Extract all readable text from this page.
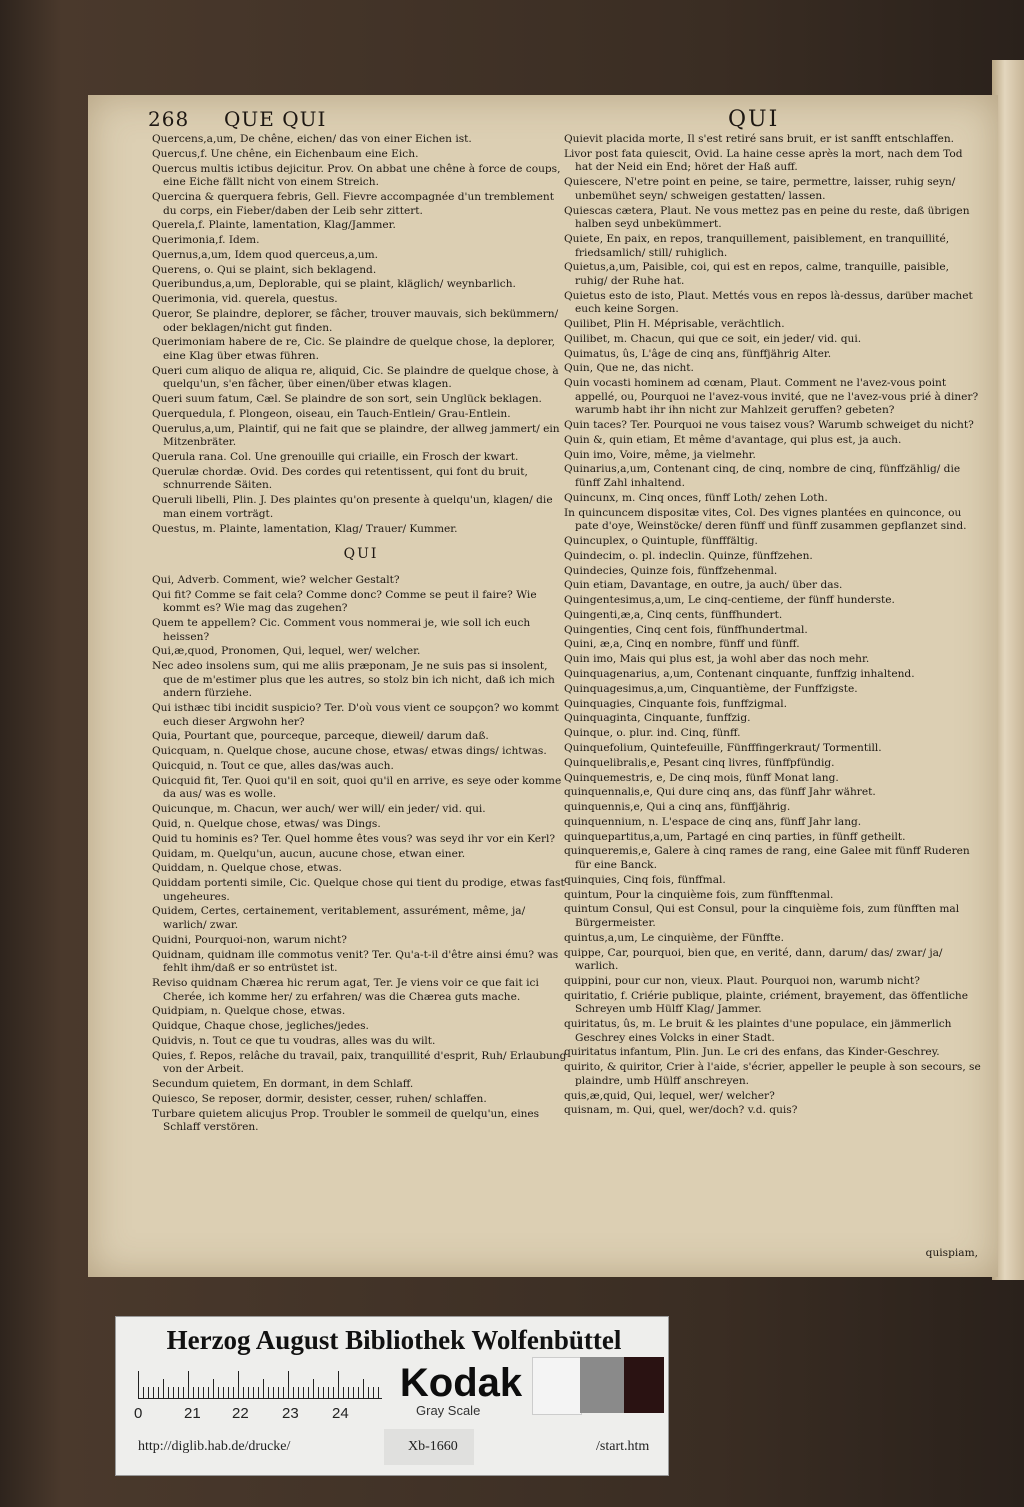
268 QUE QUI	QUI
Quercens,a,um, De chêne, eichen/ das von einer Eichen ist.
Quercus,f. Une chêne, ein Eichenbaum eine Eich.
Quercus multis ictibus dejicitur. Prov. On abbat une chêne à force de coups, eine Eiche fällt nicht von einem Streich.
Quercina & querquera febris, Gell. Fievre accompagnée d'un tremblement du corps, ein Fieber/daben der Leib sehr zittert.
Querela,f. Plainte, lamentation, Klag/Jammer.
Querimonia,f. Idem.
Quernus,a,um, Idem quod querceus,a,um.
Querens, o. Qui se plaint, sich beklagend.
Queribundus,a,um, Deplorable, qui se plaint, kläglich/ weynbarlich.
Querimonia, vid. querela, questus.
Queror, Se plaindre, deplorer, se fâcher, trouver mauvais, sich bekümmern/ oder beklagen/nicht gut finden.
Querimoniam habere de re, Cic. Se plaindre de quelque chose, la deplorer, eine Klag über etwas führen.
Queri cum aliquo de aliqua re, aliquid, Cic. Se plaindre de quelque chose, à quelqu'un, s'en fâcher, über einen/über etwas klagen.
Queri suum fatum, Cæl. Se plaindre de son sort, sein Unglück beklagen.
Querquedula, f. Plongeon, oiseau, ein Tauch-Entlein/ Grau-Entlein.
Querulus,a,um, Plaintif, qui ne fait que se plaindre, der allweg jammert/ ein Mitzenbräter.
Querula rana. Col. Une grenouille qui criaille, ein Frosch der kwart.
Querulæ chordæ. Ovid. Des cordes qui retentissent, qui font du bruit, schnurrende Säiten.
Queruli libelli, Plin. J. Des plaintes qu'on presente à quelqu'un, klagen/ die man einem vorträgt.
Questus, m. Plainte, lamentation, Klag/ Trauer/ Kummer.
QUI
Qui, Adverb. Comment, wie? welcher Gestalt?
Qui fit? Comme se fait cela? Comme donc? Comme se peut il faire? Wie kommt es? Wie mag das zugehen?
Quem te appellem? Cic. Comment vous nommerai je, wie soll ich euch heissen?
Qui,æ,quod, Pronomen, Qui, lequel, wer/ welcher.
Nec adeo insolens sum, qui me aliis præponam, Je ne suis pas si insolent, que de m'estimer plus que les autres, so stolz bin ich nicht, daß ich mich andern fürziehe.
Qui isthæc tibi incidit suspicio? Ter. D'où vous vient ce soupçon? wo kommt euch dieser Argwohn her?
Quia, Pourtant que, pourceque, parceque, dieweil/ darum daß.
Quicquam, n. Quelque chose, aucune chose, etwas/ etwas dings/ ichtwas.
Quicquid, n. Tout ce que, alles das/was auch.
Quicquid fit, Ter. Quoi qu'il en soit, quoi qu'il en arrive, es seye oder komme da aus/ was es wolle.
Quicunque, m. Chacun, wer auch/ wer will/ ein jeder/ vid. qui.
Quid, n. Quelque chose, etwas/ was Dings.
Quid tu hominis es? Ter. Quel homme êtes vous? was seyd ihr vor ein Kerl?
Quidam, m. Quelqu'un, aucun, aucune chose, etwan einer.
Quiddam, n. Quelque chose, etwas.
Quiddam portenti simile, Cic. Quelque chose qui tient du prodige, etwas fast ungeheures.
Quidem, Certes, certainement, veritablement, assurément, même, ja/ warlich/ zwar.
Quidni, Pourquoi-non, warum nicht?
Quidnam, quidnam ille commotus venit? Ter. Qu'a-t-il d'être ainsi ému? was fehlt ihm/daß er so entrüstet ist.
Reviso quidnam Chærea hic rerum agat, Ter. Je viens voir ce que fait ici Cherée, ich komme her/ zu erfahren/ was die Chærea guts mache.
Quidpiam, n. Quelque chose, etwas.
Quidque, Chaque chose, jegliches/jedes.
Quidvis, n. Tout ce que tu voudras, alles was du wilt.
Quies, f. Repos, relâche du travail, paix, tranquillité d'esprit, Ruh/ Erlaubung von der Arbeit.
Secundum quietem, En dormant, in dem Schlaff.
Quiesco, Se reposer, dormir, desister, cesser, ruhen/ schlaffen.
Turbare quietem alicujus Prop. Troubler le sommeil de quelqu'un, eines Schlaff verstören.
Quievit placida morte, Il s'est retiré sans bruit, er ist sanfft entschlaffen.
Livor post fata quiescit, Ovid. La haine cesse après la mort, nach dem Tod hat der Neid ein End; höret der Haß auff.
Quiescere, N'etre point en peine, se taire, permettre, laisser, ruhig seyn/ unbemühet seyn/ schweigen gestatten/ lassen.
Quiescas cætera, Plaut. Ne vous mettez pas en peine du reste, daß übrigen halben seyd unbekümmert.
Quiete, En paix, en repos, tranquillement, paisiblement, en tranquillité, friedsamlich/ still/ ruhiglich.
Quietus,a,um, Paisible, coi, qui est en repos, calme, tranquille, paisible, ruhig/ der Ruhe hat.
Quietus esto de isto, Plaut. Mettés vous en repos là-dessus, darüber machet euch keine Sorgen.
Quilibet, Plin H. Méprisable, verächtlich.
Quilibet, m. Chacun, qui que ce soit, ein jeder/ vid. qui.
Quimatus, ûs, L'âge de cinq ans, fünffjährig Alter.
Quin, Que ne, das nicht.
Quin vocasti hominem ad cœnam, Plaut. Comment ne l'avez-vous point appellé, ou, Pourquoi ne l'avez-vous invité, que ne l'avez-vous prié à diner? warumb habt ihr ihn nicht zur Mahlzeit geruffen? gebeten?
Quin taces? Ter. Pourquoi ne vous taisez vous? Warumb schweiget du nicht?
Quin &, quin etiam, Et même d'avantage, qui plus est, ja auch.
Quin imo, Voire, même, ja vielmehr.
Quinarius,a,um, Contenant cinq, de cinq, nombre de cinq, fünffzählig/ die fünff Zahl inhaltend.
Quincunx, m. Cinq onces, fünff Loth/ zehen Loth.
In quincuncem dispositæ vites, Col. Des vignes plantées en quinconce, ou pate d'oye, Weinstöcke/ deren fünff und fünff zusammen gepflanzet sind.
Quincuplex, o Quintuple, fünfffältig.
Quindecim, o. pl. indeclin. Quinze, fünffzehen.
Quindecies, Quinze fois, fünffzehenmal.
Quin etiam, Davantage, en outre, ja auch/ über das.
Quingentesimus,a,um, Le cinq-centieme, der fünff hunderste.
Quingenti,æ,a, Cinq cents, fünffhundert.
Quingenties, Cinq cent fois, fünffhundertmal.
Quini, æ,a, Cinq en nombre, fünff und fünff.
Quin imo, Mais qui plus est, ja wohl aber das noch mehr.
Quinquagenarius, a,um, Contenant cinquante, funffzig inhaltend.
Quinquagesimus,a,um, Cinquantième, der Funffzigste.
Quinquagies, Cinquante fois, funffzigmal.
Quinquaginta, Cinquante, funffzig.
Quinque, o. plur. ind. Cinq, fünff.
Quinquefolium, Quintefeuille, Fünfffingerkraut/ Tormentill.
Quinquelibralis,e, Pesant cinq livres, fünffpfündig.
Quinquemestris, e, De cinq mois, fünff Monat lang.
quinquennalis,e, Qui dure cinq ans, das fünff Jahr währet.
quinquennis,e, Qui a cinq ans, fünffjährig.
quinquennium, n. L'espace de cinq ans, fünff Jahr lang.
quinquepartitus,a,um, Partagé en cinq parties, in fünff getheilt.
quinqueremis,e, Galere à cinq rames de rang, eine Galee mit fünff Ruderen für eine Banck.
quinquies, Cinq fois, fünffmal.
quintum, Pour la cinquième fois, zum fünfftenmal.
quintum Consul, Qui est Consul, pour la cinquième fois, zum fünfften mal Bürgermeister.
quintus,a,um, Le cinquième, der Fünffte.
quippe, Car, pourquoi, bien que, en verité, dann, darum/ das/ zwar/ ja/ warlich.
quippini, pour cur non, vieux. Plaut. Pourquoi non, warumb nicht?
quiritatio, f. Criérie publique, plainte, criément, brayement, das öffentliche Schreyen umb Hülff Klag/ Jammer.
quiritatus, ûs, m. Le bruit & les plaintes d'une populace, ein jämmerlich Geschrey eines Volcks in einer Stadt.
quiritatus infantum, Plin. Jun. Le cri des enfans, das Kinder-Geschrey.
quirito, & quiritor, Crier à l'aide, s'écrier, appeller le peuple à son secours, se plaindre, umb Hülff anschreyen.
quis,æ,quid, Qui, lequel, wer/ welcher?
quisnam, m. Qui, quel, wer/doch? v.d. quis?
quispiam,
Herzog August Bibliothek Wolfenbüttel
0	21 22 23 24
Kodak
Gray Scale
http://diglib.hab.de/drucke/	Xb-1660	/start.htm
